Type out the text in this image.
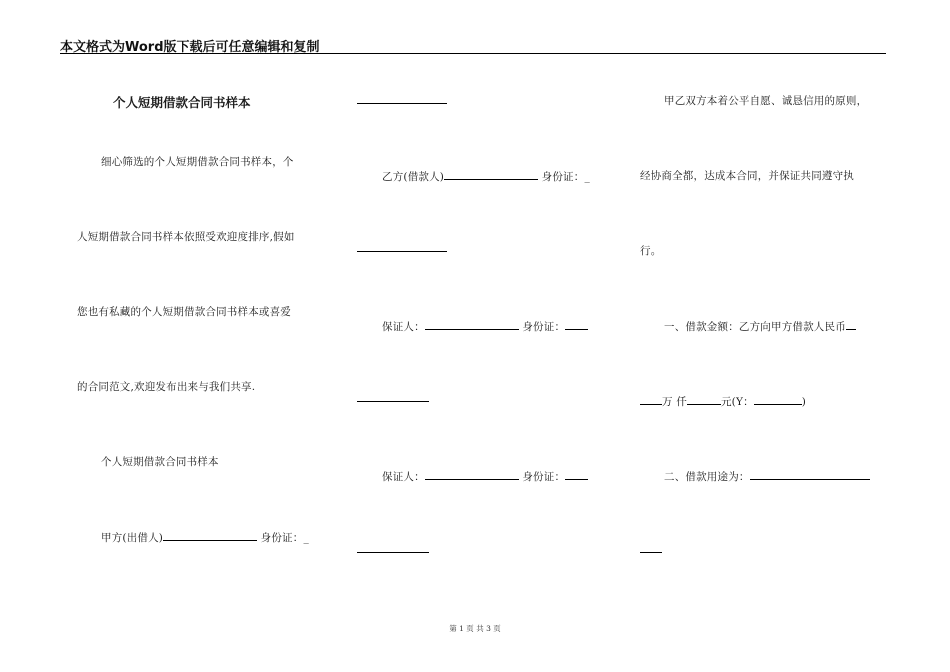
本文格式为Word版下载后可任意编辑和复制
个人短期借款合同书样本
细心筛选的个人短期借款合同书样本，个
人短期借款合同书样本依照受欢迎度排序,假如
您也有私藏的个人短期借款合同书样本或喜爱
的合同范文,欢迎发布出来与我们共享.
个人短期借款合同书样本
甲方(出借人)	身份证：_
乙方(借款人)	身份证：_
保证人：	身份证：
保证人：	身份证：
甲乙双方本着公平自愿、诚恳信用的原则，
经协商全都，达成本合同，并保证共同遵守执
行。
一、借款金额：乙方向甲方借款人民币
万 仟	元(Y：	)
二、借款用途为：
第 1 页 共 3 页
